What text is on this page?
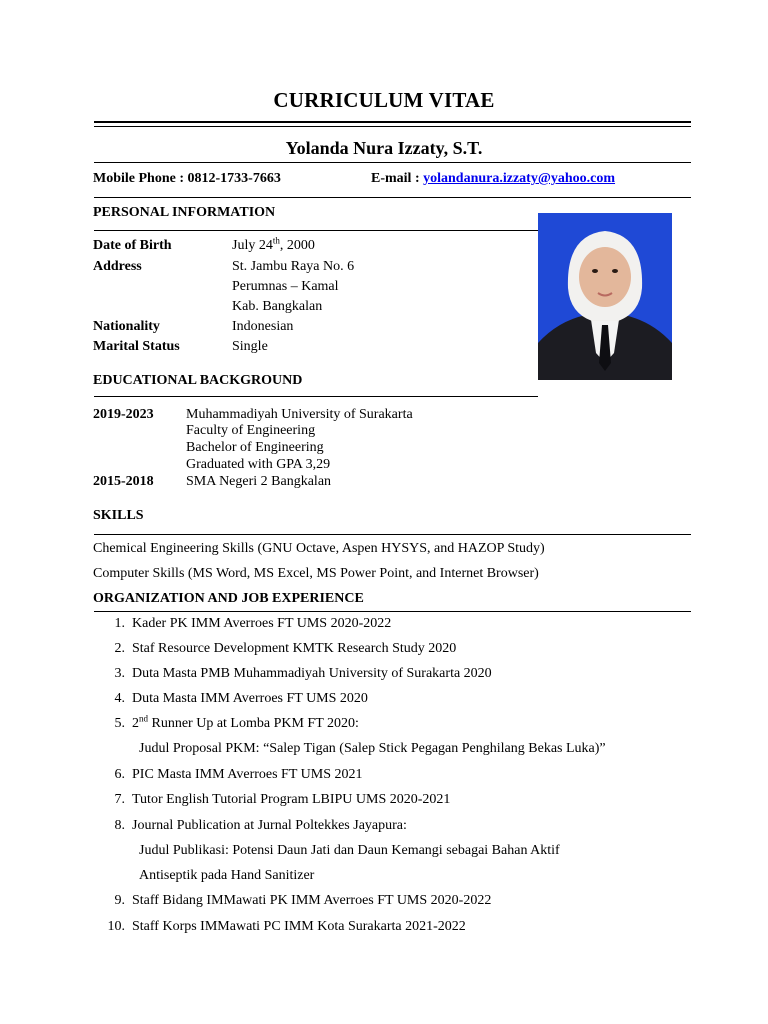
CURRICULUM VITAE
Yolanda Nura Izzaty, S.T.
Mobile Phone : 0812-1733-7663	E-mail : yolandanura.izzaty@yahoo.com
PERSONAL INFORMATION
Date of Birth	July 24th, 2000
Address	St. Jambu Raya No. 6
Perumnas – Kamal
Kab. Bangkalan
Nationality	Indonesian
Marital Status	Single
EDUCATIONAL BACKGROUND
2019-2023 Muhammadiyah University of Surakarta
Faculty of Engineering
Bachelor of Engineering
Graduated with GPA 3,29
2015-2018 SMA Negeri 2 Bangkalan
SKILLS
Chemical Engineering Skills (GNU Octave, Aspen HYSYS, and HAZOP Study)
Computer Skills (MS Word, MS Excel, MS Power Point, and Internet Browser)
ORGANIZATION AND JOB EXPERIENCE
1. Kader PK IMM Averroes FT UMS 2020-2022
2. Staf Resource Development KMTK Research Study 2020
3. Duta Masta PMB Muhammadiyah University of Surakarta 2020
4. Duta Masta IMM Averroes FT UMS 2020
5. 2nd Runner Up at Lomba PKM FT 2020:
Judul Proposal PKM: “Salep Tigan (Salep Stick Pegagan Penghilang Bekas Luka)”
6. PIC Masta IMM Averroes FT UMS 2021
7. Tutor English Tutorial Program LBIPU UMS 2020-2021
8. Journal Publication at Jurnal Poltekkes Jayapura:
Judul Publikasi: Potensi Daun Jati dan Daun Kemangi sebagai Bahan Aktif
Antiseptik pada Hand Sanitizer
9. Staff Bidang IMMawati PK IMM Averroes FT UMS 2020-2022
10. Staff Korps IMMawati PC IMM Kota Surakarta 2021-2022
